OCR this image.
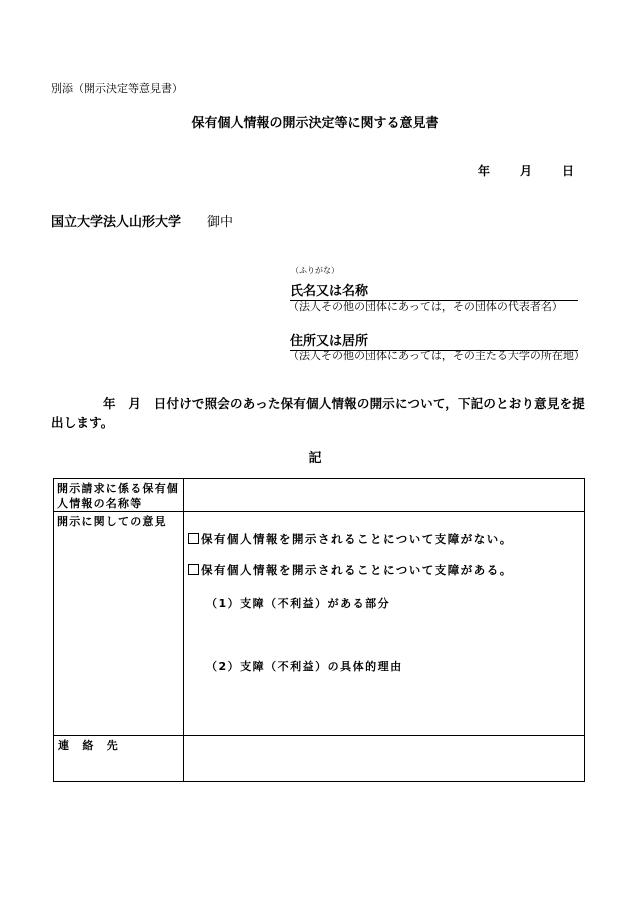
別添（開示決定等意見書）
保有個人情報の開示決定等に関する意見書
年	月	日
国立大学法人山形大学 御中
（ふりがな）
氏名又は名称
（法人その他の団体にあっては，その団体の代表者名）
住所又は居所
（法人その他の団体にあっては，その主たる大学の所在地）
年　月　日付けで照会のあった保有個人情報の開示について，下記のとおり意見を提出します。
記
開示請求に係る保有個人情報の名称等
開示に関しての意見
保有個人情報を開示されることについて支障がない。
保有個人情報を開示されることについて支障がある。
（1）支障（不利益）がある部分
（2）支障（不利益）の具体的理由
連　絡　先
